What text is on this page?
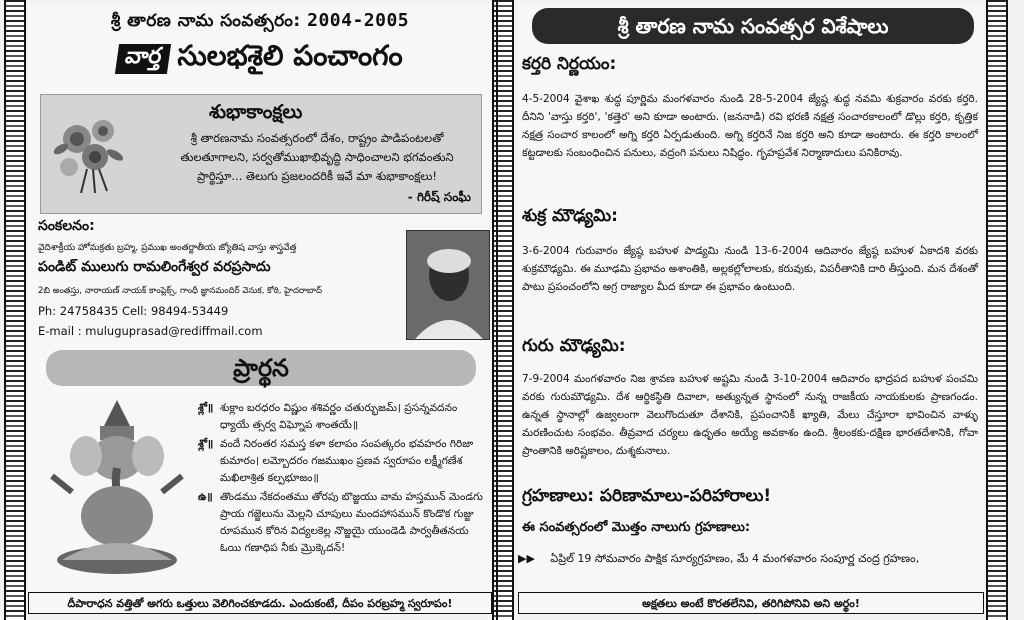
శ్రీ తారణ నామ సంవత్సరం: 2004-2005
వార్త సులభశైలి పంచాంగం
శుభాకాంక్షలు
శ్రీ తారణనామ సంవత్సరంలో దేశం, రాష్ట్రం పాడిపంటలతో తులతూగాలని, సర్వతోముఖాభివృద్ధి సాధించాలని భగవంతుని ప్రార్థిస్తూ... తెలుగు ప్రజలందరికీ ఇవే మా శుభాకాంక్షలు!
- గిరీష్ సంఘీ
సంకలనం:
వైదిశాక్రీయ హోమక్రతు బ్రహ్మ, ప్రముఖ అంతర్జాతీయ జ్యోతిష వాస్తు శాస్త్రవేత్త
పండిట్ ములుగు రామలింగేశ్వర వరప్రసాదు
2బి అంతస్తు, నారాయణ్ నాయక్ కాంప్లెక్స్, గాంధీ జ్ఞానమందిర్ వెనుక, కోఠి, హైదరాబాద్
Ph: 24758435 Cell: 98494-53449
E-mail : muluguprasad@rediffmail.com
ప్రార్థన
శ్లో॥ శుక్లాం బరధరం విష్ణుం శశివర్ణం చతుర్భుజమ్। ప్రసన్నవదనం ధ్యాయే త్సర్వ విఘ్నోప శాంతయే॥
శ్లో॥ వందే నిరంతర సమస్త కళా కలాపం సంపత్కరం భవహరం గిరిజా కుమారం। లమ్బోదరం గజముఖం ప్రణవ స్వరూపం లక్ష్మీగణేశ మఖిలాశ్రిత కల్పభూజం॥
ఉ॥ తొండము నేకదంతము తోరపు బొజ్జయు వామ హస్తమున్ మెండగు ప్రాయ గజ్జెలును మెల్లని చూపులు మందహాసమున్ కొండొక గుజ్జు రూపమున కోరిన విద్యలకెల్ల నొజ్జయై యుండెడి పార్వతీతనయ ఓయి గణాధిప నీకు మ్రొక్కెదన్!
దీపారాధన వత్తితో అగరు ఒత్తులు వెలిగించకూడదు. ఎందుకంటే, దీపం పరబ్రహ్మ స్వరూపం!
శ్రీ తారణ నామ సంవత్సర విశేషాలు
కర్తరి నిర్ణయం:
4-5-2004 వైశాఖ శుద్ధ పూర్ణిమ మంగళవారం నుండి 28-5-2004 జ్యేష్ఠ శుద్ధ నవమి శుక్రవారం వరకు కర్తరి. దీనిని 'వాస్తు కర్తరి', 'కత్తెర' అని కూడా అంటారు. (జననాడి) రవి భరణి నక్షత్ర సంచారకాలంలో డొల్లు కర్తరి, కృత్తిక నక్షత్ర సంచార కాలంలో అగ్ని కర్తరి ఏర్పడుతుంది. అగ్ని కర్తరినే నిజ కర్తరి అని కూడా అంటారు. ఈ కర్తరి కాలంలో కట్టడాలకు సంబంధించిన పనులు, వద్రంగి పనులు నిషిద్ధం. గృహప్రవేశ నిర్మాణాదులు పనికిరావు.
శుక్ర మౌఢ్యమి:
3-6-2004 గురువారం జ్యేష్ఠ బహుళ పాడ్యమి నుండి 13-6-2004 ఆదివారం జ్యేష్ఠ బహుళ ఏకాదశి వరకు శుక్రమౌఢ్యమి. ఈ మూఢమి ప్రభావం అశాంతికి, అల్లకల్లోలాలకు, కరువుకు, విపరీతానికి దారి తీస్తుంది. మన దేశంతో పాటు ప్రపంచంలోని అగ్ర రాజ్యాల మీద కూడా ఈ ప్రభావం ఉంటుంది.
గురు మౌఢ్యమి:
7-9-2004 మంగళవారం నిజ శ్రావణ బహుళ అష్టమి నుండి 3-10-2004 ఆదివారం భాద్రపద బహుళ పంచమి వరకు గురుమౌఢ్యమి. దేశ ఆర్థికస్థితి దివాలా, అత్యున్నత స్థానంలో నున్న రాజకీయ నాయకులకు ప్రాణగండం. ఉన్నత స్థానాల్లో ఉజ్వలంగా వెలుగొందుతూ దేశానికి, ప్రపంచానికీ ఖ్యాతి, మేలు చేస్తూరా భావించిన వాళ్ళు మరణించుట సంభవం. తీవ్రవాద చర్యలు ఉధృతం అయ్యే అవకాశం ఉంది. శ్రీలంకకు-దక్షిణ భారతదేశానికి, గోవా ప్రాంతానికి అరిష్టకాలం, దుశ్శకునాలు.
గ్రహణాలు: పరిణామాలు-పరిహారాలు!
ఈ సంవత్సరంలో మొత్తం నాలుగు గ్రహణాలు:
▶▶ ఏప్రిల్ 19 సోమవారం పాక్షిక సూర్యగ్రహణం, మే 4 మంగళవారం సంపూర్ణ చంద్ర గ్రహణం,
అక్షతలు అంటే కొరతలేనివి, తరిగిపోనివి అని అర్థం!
